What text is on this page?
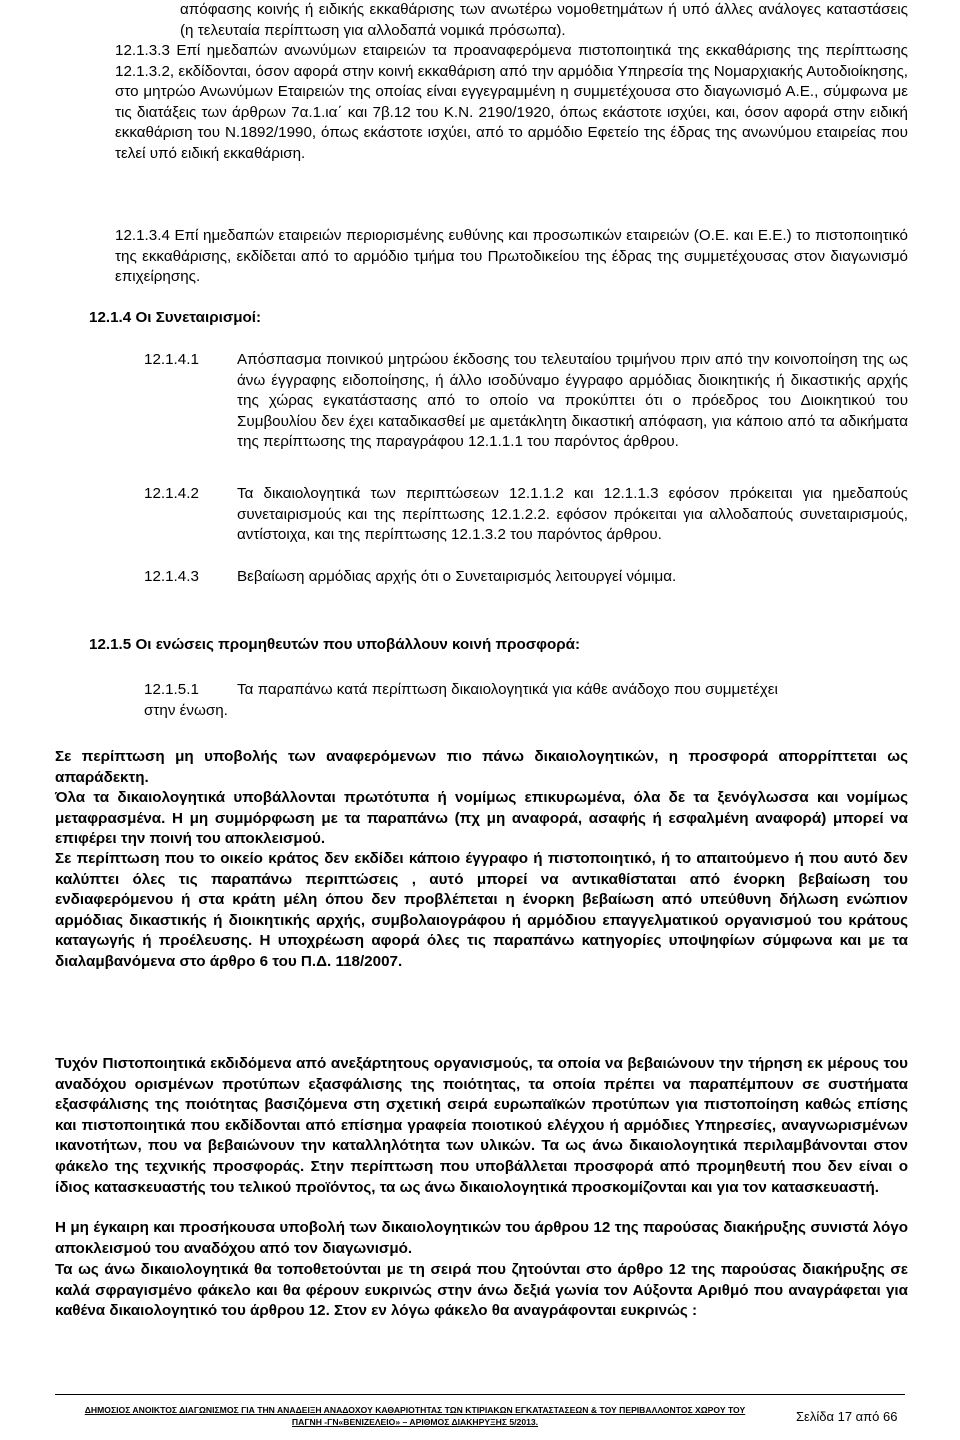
απόφασης κοινής ή ειδικής εκκαθάρισης των ανωτέρω νομοθετημάτων ή υπό άλλες ανάλογες καταστάσεις (η τελευταία περίπτωση για αλλοδαπά νομικά πρόσωπα).
12.1.3.3 Επί ημεδαπών ανωνύμων εταιρειών τα προαναφερόμενα πιστοποιητικά της εκκαθάρισης της περίπτωσης 12.1.3.2, εκδίδονται, όσον αφορά στην κοινή εκκαθάριση από την αρμόδια Υπηρεσία της Νομαρχιακής Αυτοδιοίκησης, στο μητρώο Ανωνύμων Εταιρειών της οποίας είναι εγγεγραμμένη η συμμετέχουσα στο διαγωνισμό Α.Ε., σύμφωνα με τις διατάξεις των άρθρων 7α.1.ια΄ και 7β.12 του Κ.Ν. 2190/1920, όπως εκάστοτε ισχύει, και, όσον αφορά στην ειδική εκκαθάριση του Ν.1892/1990, όπως εκάστοτε ισχύει, από το αρμόδιο Εφετείο της έδρας της ανωνύμου εταιρείας που τελεί υπό ειδική εκκαθάριση.
12.1.3.4 Επί ημεδαπών εταιρειών περιορισμένης ευθύνης και προσωπικών εταιρειών (Ο.Ε. και Ε.Ε.) το πιστοποιητικό της εκκαθάρισης, εκδίδεται από το αρμόδιο τμήμα του Πρωτοδικείου της έδρας της συμμετέχουσας στον διαγωνισμό επιχείρησης.
12.1.4 Οι Συνεταιρισμοί:
12.1.4.1	Απόσπασμα ποινικού μητρώου έκδοσης του τελευταίου τριμήνου πριν από την κοινοποίηση της ως άνω έγγραφης ειδοποίησης, ή άλλο ισοδύναμο έγγραφο αρμόδιας διοικητικής ή δικαστικής αρχής της χώρας εγκατάστασης από το οποίο να προκύπτει ότι ο πρόεδρος του Διοικητικού του Συμβουλίου δεν έχει καταδικασθεί με αμετάκλητη δικαστική απόφαση, για κάποιο από τα αδικήματα της περίπτωσης της παραγράφου 12.1.1.1 του παρόντος άρθρου.
12.1.4.2	Τα δικαιολογητικά των περιπτώσεων 12.1.1.2 και 12.1.1.3 εφόσον πρόκειται για ημεδαπούς συνεταιρισμούς και της περίπτωσης 12.1.2.2. εφόσον πρόκειται για αλλοδαπούς συνεταιρισμούς, αντίστοιχα, και της περίπτωσης 12.1.3.2 του παρόντος άρθρου.
12.1.4.3	Βεβαίωση αρμόδιας αρχής ότι ο Συνεταιρισμός λειτουργεί νόμιμα.
12.1.5 Οι ενώσεις προμηθευτών που υποβάλλουν κοινή προσφορά:
12.1.5.1	Τα παραπάνω κατά περίπτωση δικαιολογητικά για κάθε ανάδοχο που συμμετέχει
στην ένωση.
Σε περίπτωση μη υποβολής των αναφερόμενων πιο πάνω δικαιολογητικών, η προσφορά απορρίπτεται ως απαράδεκτη.
Όλα τα δικαιολογητικά υποβάλλονται πρωτότυπα ή νομίμως επικυρωμένα, όλα δε τα ξενόγλωσσα και νομίμως μεταφρασμένα. Η μη συμμόρφωση με τα παραπάνω (πχ μη αναφορά, ασαφής ή εσφαλμένη αναφορά) μπορεί να επιφέρει την ποινή του αποκλεισμού.
Σε περίπτωση που το οικείο κράτος δεν εκδίδει κάποιο έγγραφο ή πιστοποιητικό, ή το απαιτούμενο ή που αυτό δεν καλύπτει όλες τις παραπάνω περιπτώσεις , αυτό μπορεί να αντικαθίσταται από ένορκη βεβαίωση του ενδιαφερόμενου ή στα κράτη μέλη όπου δεν προβλέπεται η ένορκη βεβαίωση από υπεύθυνη δήλωση ενώπιον αρμόδιας δικαστικής ή διοικητικής αρχής, συμβολαιογράφου ή αρμόδιου επαγγελματικού οργανισμού του κράτους καταγωγής ή προέλευσης. Η υποχρέωση αφορά όλες τις παραπάνω κατηγορίες υποψηφίων σύμφωνα και με τα διαλαμβανόμενα στο άρθρο 6 του Π.Δ. 118/2007.
Τυχόν Πιστοποιητικά εκδιδόμενα από ανεξάρτητους οργανισμούς, τα οποία να βεβαιώνουν την τήρηση εκ μέρους του αναδόχου ορισμένων προτύπων εξασφάλισης της ποιότητας, τα οποία πρέπει να παραπέμπουν σε συστήματα εξασφάλισης της ποιότητας βασιζόμενα στη σχετική σειρά ευρωπαϊκών προτύπων για πιστοποίηση καθώς επίσης και πιστοποιητικά που εκδίδονται από επίσημα γραφεία ποιοτικού ελέγχου ή αρμόδιες Υπηρεσίες, αναγνωρισμένων ικανοτήτων, που να βεβαιώνουν την καταλληλότητα των υλικών. Τα ως άνω δικαιολογητικά περιλαμβάνονται στον φάκελο της τεχνικής προσφοράς. Στην περίπτωση που υποβάλλεται προσφορά από προμηθευτή που δεν είναι ο ίδιος κατασκευαστής του τελικού προϊόντος, τα ως άνω δικαιολογητικά προσκομίζονται και για τον κατασκευαστή.
Η μη έγκαιρη και προσήκουσα υποβολή των δικαιολογητικών του άρθρου 12 της παρούσας διακήρυξης συνιστά λόγο αποκλεισμού του αναδόχου από τον διαγωνισμό.
Τα ως άνω δικαιολογητικά θα τοποθετούνται με τη σειρά που ζητούνται στο άρθρο 12 της παρούσας διακήρυξης σε καλά σφραγισμένο φάκελο και θα φέρουν ευκρινώς στην άνω δεξιά γωνία τον Αύξοντα Αριθμό που αναγράφεται για καθένα δικαιολογητικό του άρθρου 12. Στον εν λόγω φάκελο θα αναγράφονται ευκρινώς :
ΔΗΜΟΣΙΟΣ ΑΝΟΙΚΤΟΣ ΔΙΑΓΩΝΙΣΜΟΣ ΓΙΑ ΤΗΝ ΑΝΑΔΕΙΞΗ ΑΝΑΔΟΧΟΥ ΚΑΘΑΡΙΟΤΗΤΑΣ ΤΩΝ ΚΤΙΡΙΑΚΩΝ ΕΓΚΑΤΑΣΤΑΣΕΩΝ & ΤΟΥ ΠΕΡΙΒΑΛΛΟΝΤΟΣ ΧΩΡΟΥ ΤΟΥ
ΠΑΓΝΗ -ΓΝ«ΒΕΝΙΖΕΛΕΙΟ» – ΑΡΙΘΜΟΣ ΔΙΑΚΗΡΥΞΗΣ 5/2013.	Σελίδα 17 από 66
